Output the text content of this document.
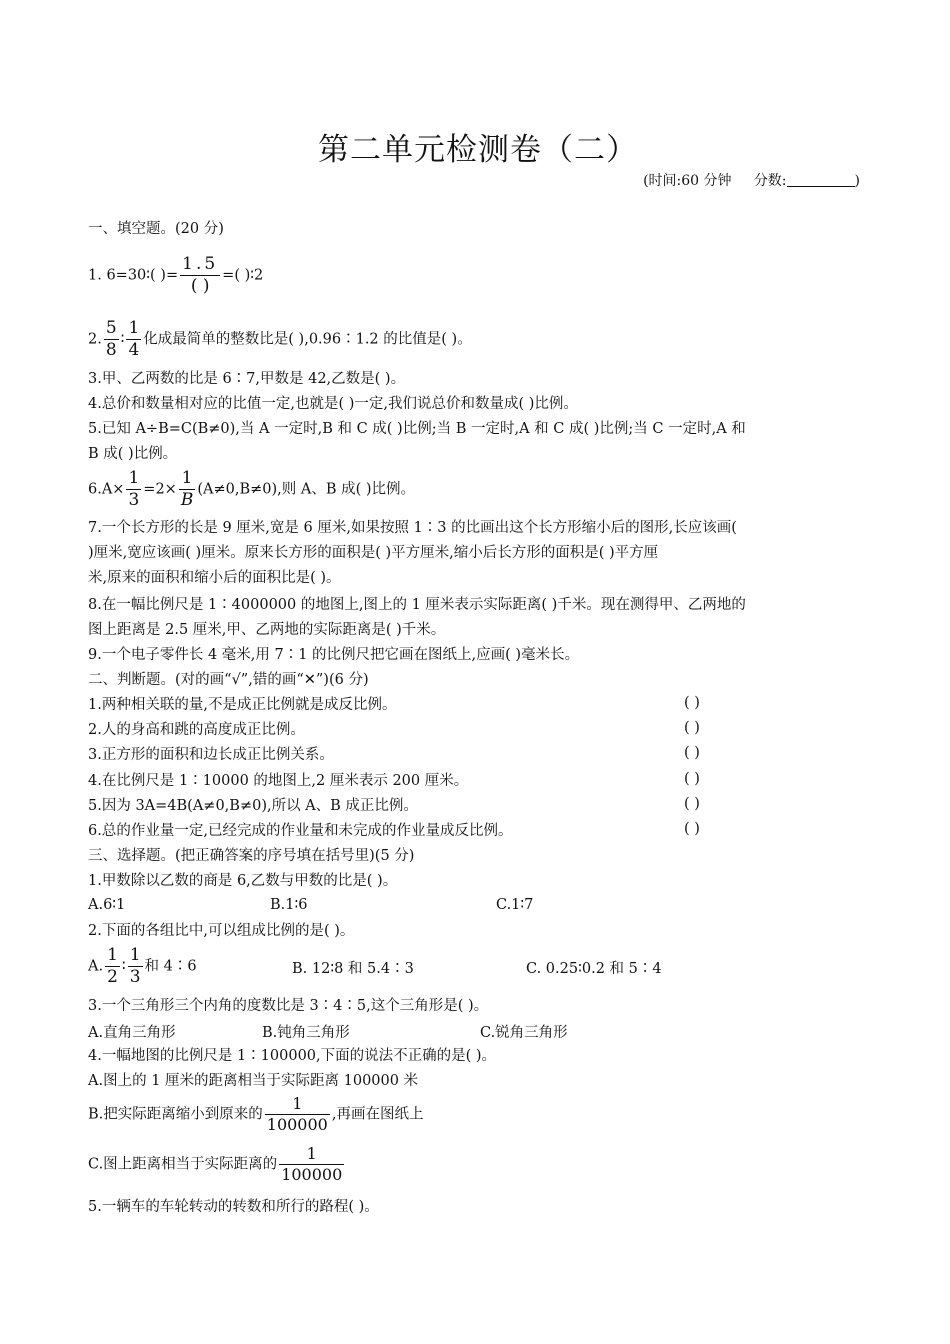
第二单元检测卷（二）
(时间:60 分钟 分数:	)
一、填空题。(20 分)
1. 6=30∶( )= $\frac{1.5}{( )}$ =( )∶2
2. $\frac{5}{8}$ ∶ $\frac{1}{4}$ 化成最简单的整数比是( ),0.96∶1.2 的比值是( )。
3.甲、乙两数的比是 6∶7,甲数是 42,乙数是( )。
4.总价和数量相对应的比值一定,也就是( )一定,我们说总价和数量成( )比例。
5.已知 A÷B=C(B≠0),当 A 一定时,B 和 C 成( )比例;当 B 一定时,A 和 C 成( )比例;当 C 一定时,A 和
B 成( )比例。
$6.A\times \frac{1}{3} =2\times \frac{1}{B} (A\ne 0,B\ne 0)$,则 A、B 成( )比例。
7.一个长方形的长是 9 厘米,宽是 6 厘米,如果按照 1∶3 的比画出这个长方形缩小后的图形,长应该画(
)厘米,宽应该画( )厘米。原来长方形的面积是( )平方厘米,缩小后长方形的面积是( )平方厘
米,原来的面积和缩小后的面积比是( )。
8.在一幅比例尺是 1∶4000000 的地图上,图上的 1 厘米表示实际距离( )千米。现在测得甲、乙两地的
图上距离是 2.5 厘米,甲、乙两地的实际距离是( )千米。
9.一个电子零件长 4 毫米,用 7∶1 的比例尺把它画在图纸上,应画( )毫米长。
二、判断题。(对的画“√”,错的画“✕”)(6 分)
1.两种相关联的量,不是成正比例就是成反比例。	( )
2.人的身高和跳的高度成正比例。	( )
3.正方形的面积和边长成正比例关系。	( )
4.在比例尺是 1∶10000 的地图上,2 厘米表示 200 厘米。	( )
5.因为 3A=4B(A≠0,B≠0),所以 A、B 成正比例。	( )
6.总的作业量一定,已经完成的作业量和未完成的作业量成反比例。	( )
三、选择题。(把正确答案的序号填在括号里)(5 分)
1.甲数除以乙数的商是 6,乙数与甲数的比是( )。
A.6∶1	B.1∶6	C.1∶7
2.下面的各组比中,可以组成比例的是( )。
A. $\frac{1}{2}$ ∶ $\frac{1}{3}$ 和 4∶6	B. 12∶8 和 5.4∶3	C. 0.25∶0.2 和 5∶4
3.一个三角形三个内角的度数比是 3∶4∶5,这个三角形是( )。
A.直角三角形	B.钝角三角形	C.锐角三角形
4.一幅地图的比例尺是 1∶100000,下面的说法不正确的是( )。
A.图上的 1 厘米的距离相当于实际距离 100000 米
B.把实际距离缩小到原来的 $\frac{1}{100000}$ ,再画在图纸上
C.图上距离相当于实际距离的 $\frac{1}{100000}$
5.一辆车的车轮转动的转数和所行的路程( )。
